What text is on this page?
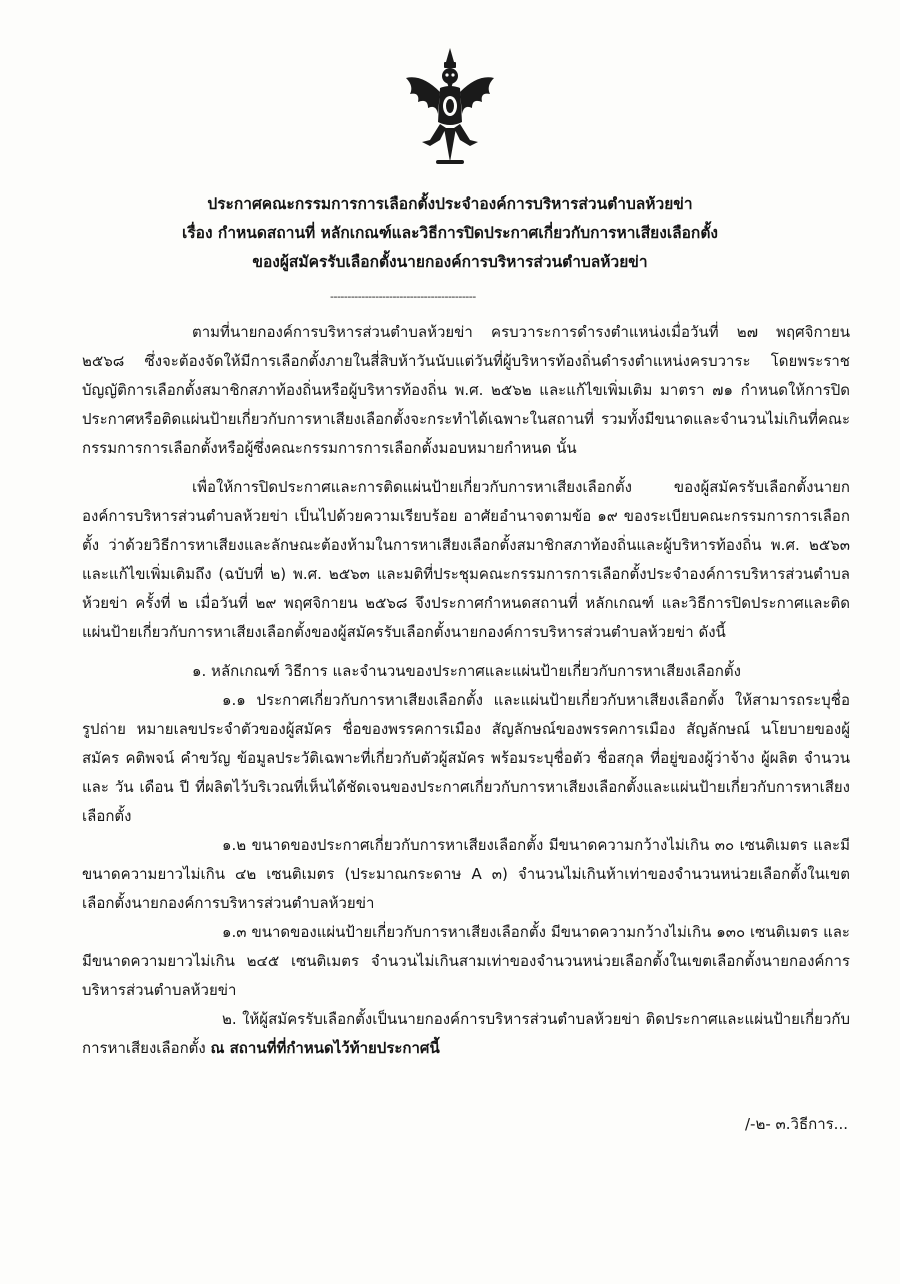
ประกาศคณะกรรมการการเลือกตั้งประจำองค์การบริหารส่วนตำบลห้วยข่า
เรื่อง กำหนดสถานที่ หลักเกณฑ์และวิธีการปิดประกาศเกี่ยวกับการหาเสียงเลือกตั้ง
ของผู้สมัครรับเลือกตั้งนายกองค์การบริหารส่วนตำบลห้วยข่า
------------------------------------------

ตามที่นายกองค์การบริหารส่วนตำบลห้วยข่า ครบวาระการดำรงตำแหน่งเมื่อวันที่ ๒๗ พฤศจิกายน ๒๕๖๘ ซึ่งจะต้องจัดให้มีการเลือกตั้งภายในสี่สิบห้าวันนับแต่วันที่ผู้บริหารท้องถิ่นดำรงตำแหน่งครบวาระ โดยพระราชบัญญัติการเลือกตั้งสมาชิกสภาท้องถิ่นหรือผู้บริหารท้องถิ่น พ.ศ. ๒๕๖๒ และแก้ไขเพิ่มเติม มาตรา ๗๑ กำหนดให้การปิดประกาศหรือติดแผ่นป้ายเกี่ยวกับการหาเสียงเลือกตั้งจะกระทำได้เฉพาะในสถานที่ รวมทั้งมีขนาดและจำนวนไม่เกินที่คณะกรรมการการเลือกตั้งหรือผู้ซึ่งคณะกรรมการการเลือกตั้งมอบหมายกำหนด นั้น

เพื่อให้การปิดประกาศและการติดแผ่นป้ายเกี่ยวกับการหาเสียงเลือกตั้ง ของผู้สมัครรับเลือกตั้งนายกองค์การบริหารส่วนตำบลห้วยข่า เป็นไปด้วยความเรียบร้อย อาศัยอำนาจตามข้อ ๑๙ ของระเบียบคณะกรรมการการเลือกตั้ง ว่าด้วยวิธีการหาเสียงและลักษณะต้องห้ามในการหาเสียงเลือกตั้งสมาชิกสภาท้องถิ่นและผู้บริหารท้องถิ่น พ.ศ. ๒๕๖๓ และแก้ไขเพิ่มเติมถึง (ฉบับที่ ๒) พ.ศ. ๒๕๖๓ และมติที่ประชุมคณะกรรมการการเลือกตั้งประจำองค์การบริหารส่วนตำบลห้วยข่า ครั้งที่ ๒ เมื่อวันที่ ๒๙ พฤศจิกายน ๒๕๖๘ จึงประกาศกำหนดสถานที่ หลักเกณฑ์ และวิธีการปิดประกาศและติดแผ่นป้ายเกี่ยวกับการหาเสียงเลือกตั้งของผู้สมัครรับเลือกตั้งนายกองค์การบริหารส่วนตำบลห้วยข่า ดังนี้

๑. หลักเกณฑ์ วิธีการ และจำนวนของประกาศและแผ่นป้ายเกี่ยวกับการหาเสียงเลือกตั้ง

๑.๑ ประกาศเกี่ยวกับการหาเสียงเลือกตั้ง และแผ่นป้ายเกี่ยวกับหาเสียงเลือกตั้ง ให้สามารถระบุชื่อ รูปถ่าย หมายเลขประจำตัวของผู้สมัคร ชื่อของพรรคการเมือง สัญลักษณ์ของพรรคการเมือง สัญลักษณ์ นโยบายของผู้สมัคร คติพจน์ คำขวัญ ข้อมูลประวัติเฉพาะที่เกี่ยวกับตัวผู้สมัคร พร้อมระบุชื่อตัว ชื่อสกุล ที่อยู่ของผู้ว่าจ้าง ผู้ผลิต จำนวน และ วัน เดือน ปี ที่ผลิตไว้บริเวณที่เห็นได้ชัดเจนของประกาศเกี่ยวกับการหาเสียงเลือกตั้งและแผ่นป้ายเกี่ยวกับการหาเสียงเลือกตั้ง

๑.๒ ขนาดของประกาศเกี่ยวกับการหาเสียงเลือกตั้ง มีขนาดความกว้างไม่เกิน ๓๐ เซนติเมตร และมีขนาดความยาวไม่เกิน ๔๒ เซนติเมตร (ประมาณกระดาษ A ๓) จำนวนไม่เกินห้าเท่าของจำนวนหน่วยเลือกตั้งในเขตเลือกตั้งนายกองค์การบริหารส่วนตำบลห้วยข่า

๑.๓ ขนาดของแผ่นป้ายเกี่ยวกับการหาเสียงเลือกตั้ง มีขนาดความกว้างไม่เกิน ๑๓๐ เซนติเมตร และมีขนาดความยาวไม่เกิน ๒๔๕ เซนติเมตร จำนวนไม่เกินสามเท่าของจำนวนหน่วยเลือกตั้งในเขตเลือกตั้งนายกองค์การบริหารส่วนตำบลห้วยข่า

๒. ให้ผู้สมัครรับเลือกตั้งเป็นนายกองค์การบริหารส่วนตำบลห้วยข่า ติดประกาศและแผ่นป้ายเกี่ยวกับการหาเสียงเลือกตั้ง ณ สถานที่ที่กำหนดไว้ท้ายประกาศนี้

/-๒- ๓.วิธีการ...
